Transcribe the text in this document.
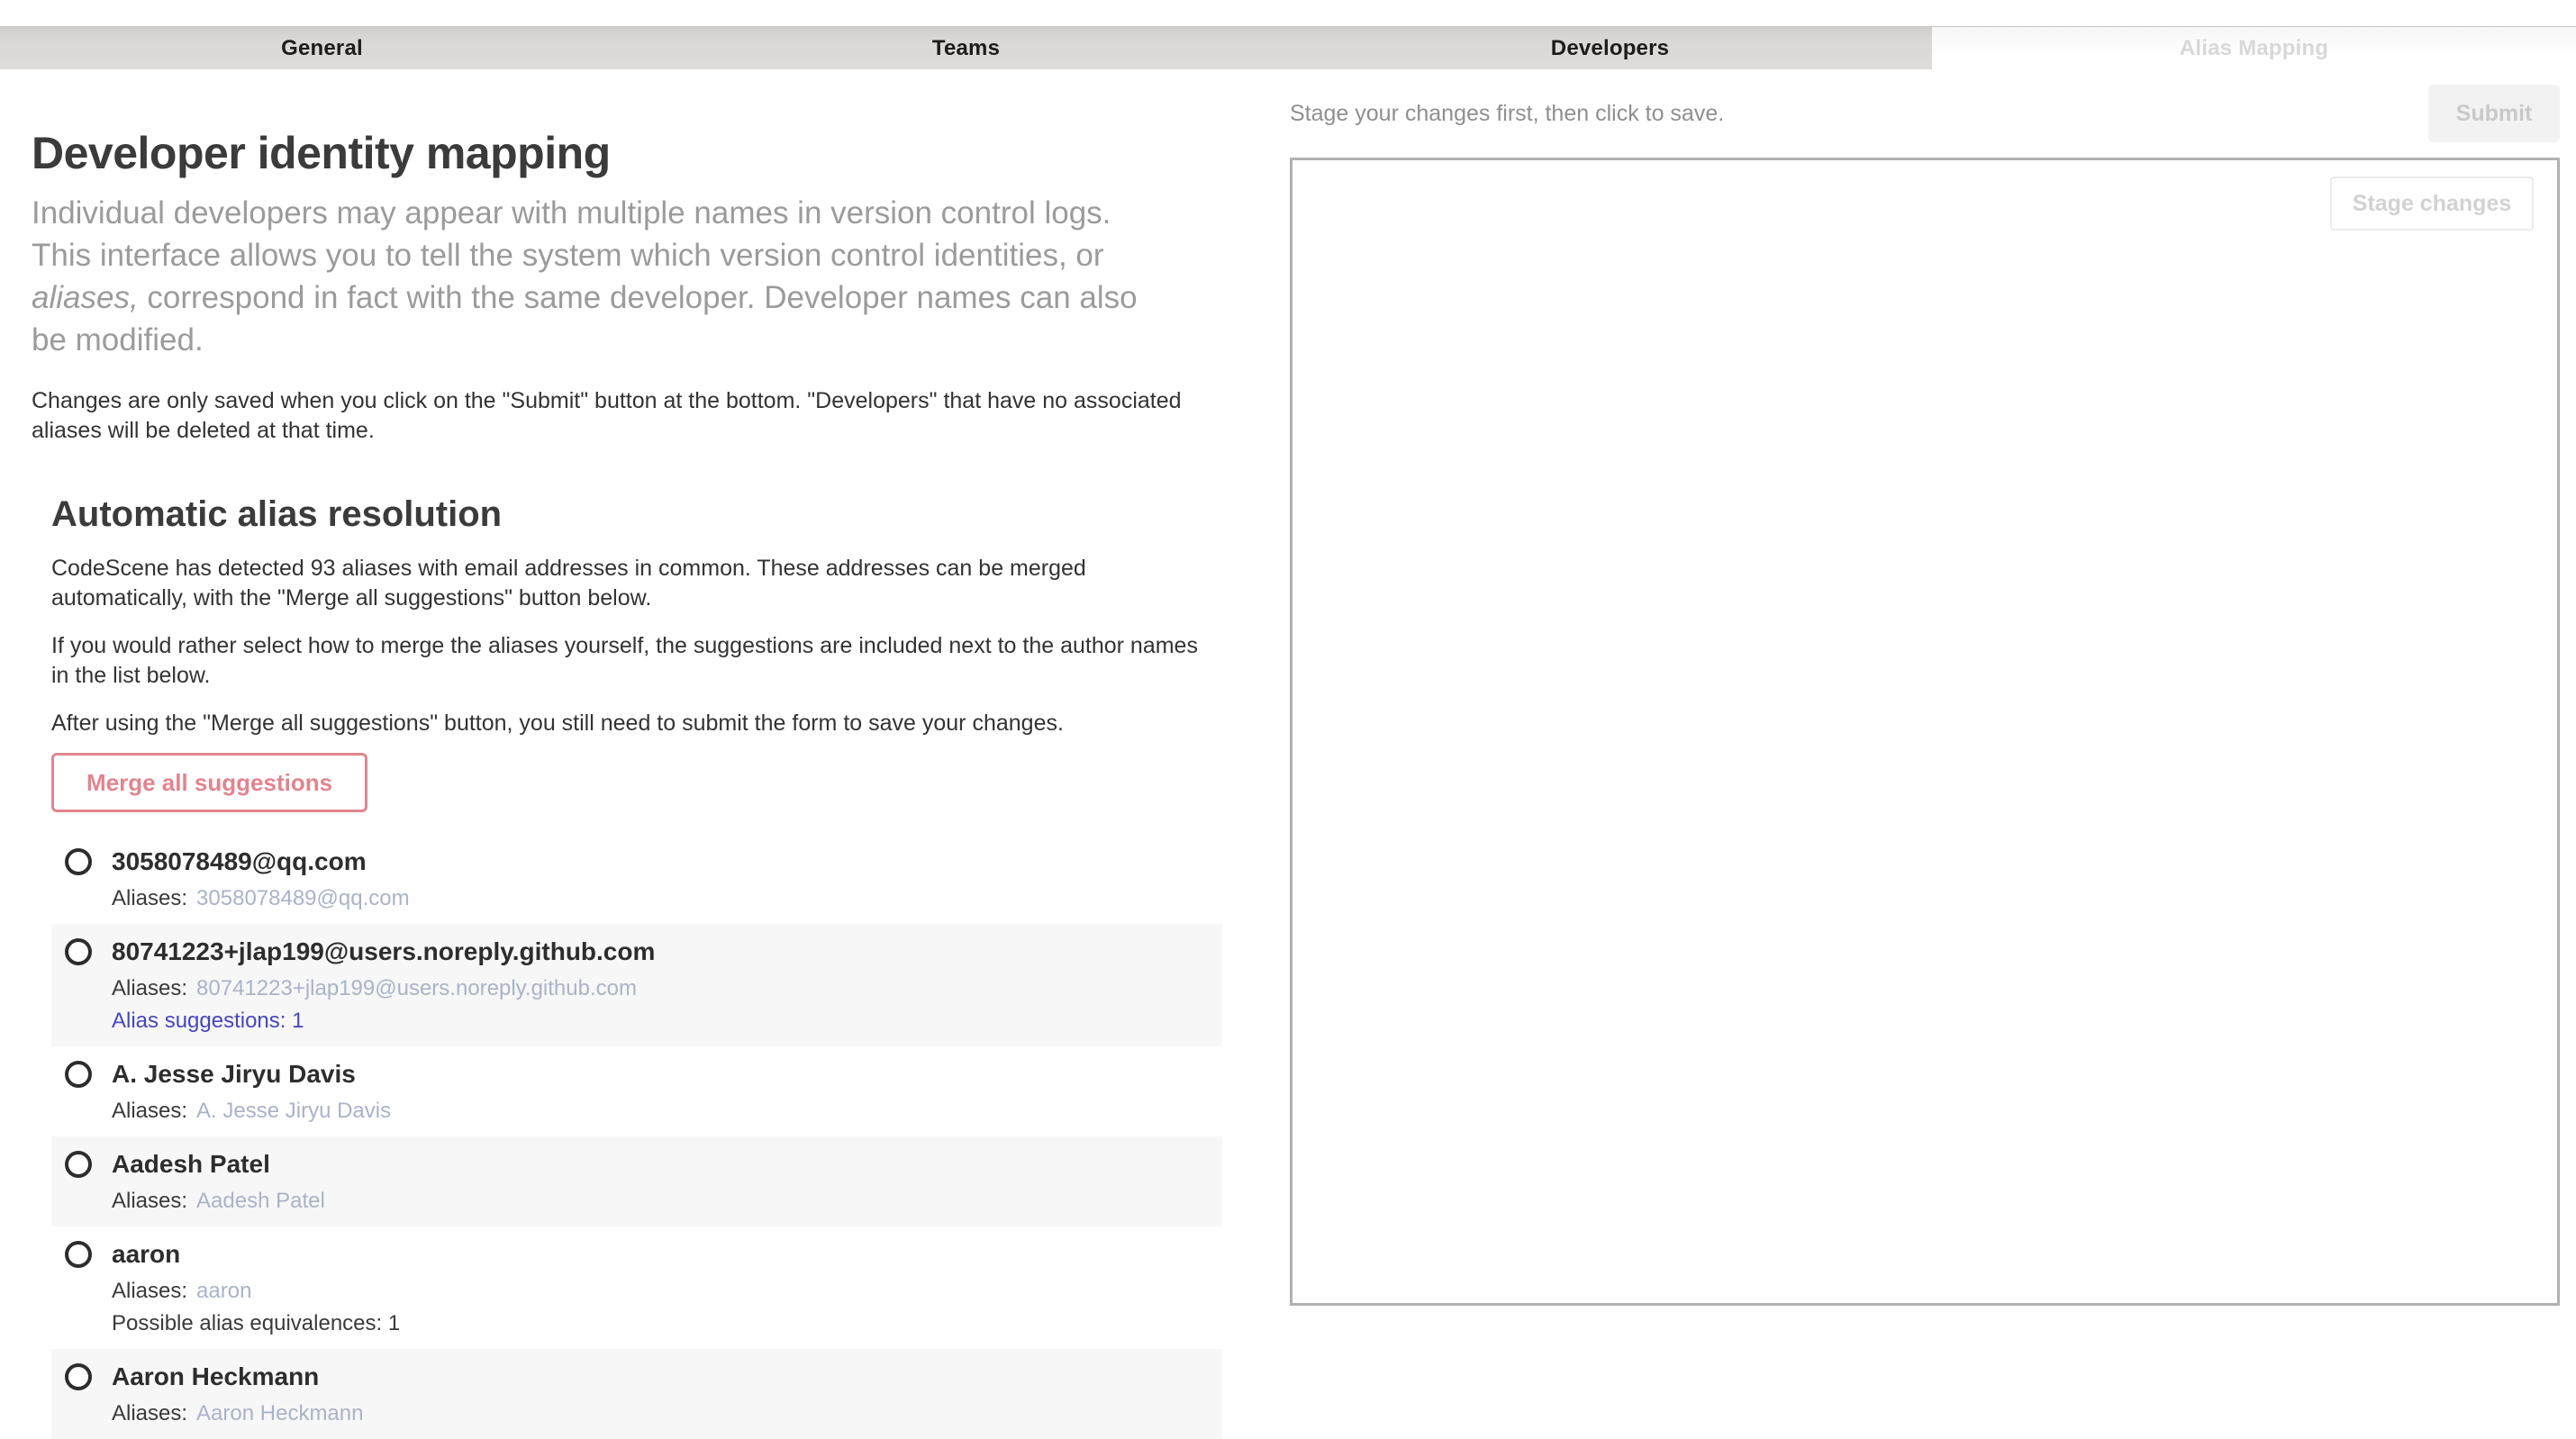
General	Teams	Developers	Alias Mapping
Developer identity mapping

Individual developers may appear with multiple names in version control logs. This interface allows you to tell the system which version control identities, or aliases, correspond in fact with the same developer. Developer names can also be modified.

Changes are only saved when you click on the "Submit" button at the bottom. "Developers" that have no associated aliases will be deleted at that time.

Automatic alias resolution

CodeScene has detected 93 aliases with email addresses in common. These addresses can be merged automatically, with the "Merge all suggestions" button below.

If you would rather select how to merge the aliases yourself, the suggestions are included next to the author names in the list below.

After using the "Merge all suggestions" button, you still need to submit the form to save your changes.

Merge all suggestions
3058078489@qq.com
Aliases: 3058078489@qq.com
80741223+jlap199@users.noreply.github.com
Aliases: 80741223+jlap199@users.noreply.github.com
Alias suggestions: 1
A. Jesse Jiryu Davis
Aliases: A. Jesse Jiryu Davis
Aadesh Patel
Aliases: Aadesh Patel
aaron
Aliases: aaron
Possible alias equivalences: 1
Aaron Heckmann
Aliases: Aaron Heckmann
Stage your changes first, then click to save.	Submit
Stage changes
